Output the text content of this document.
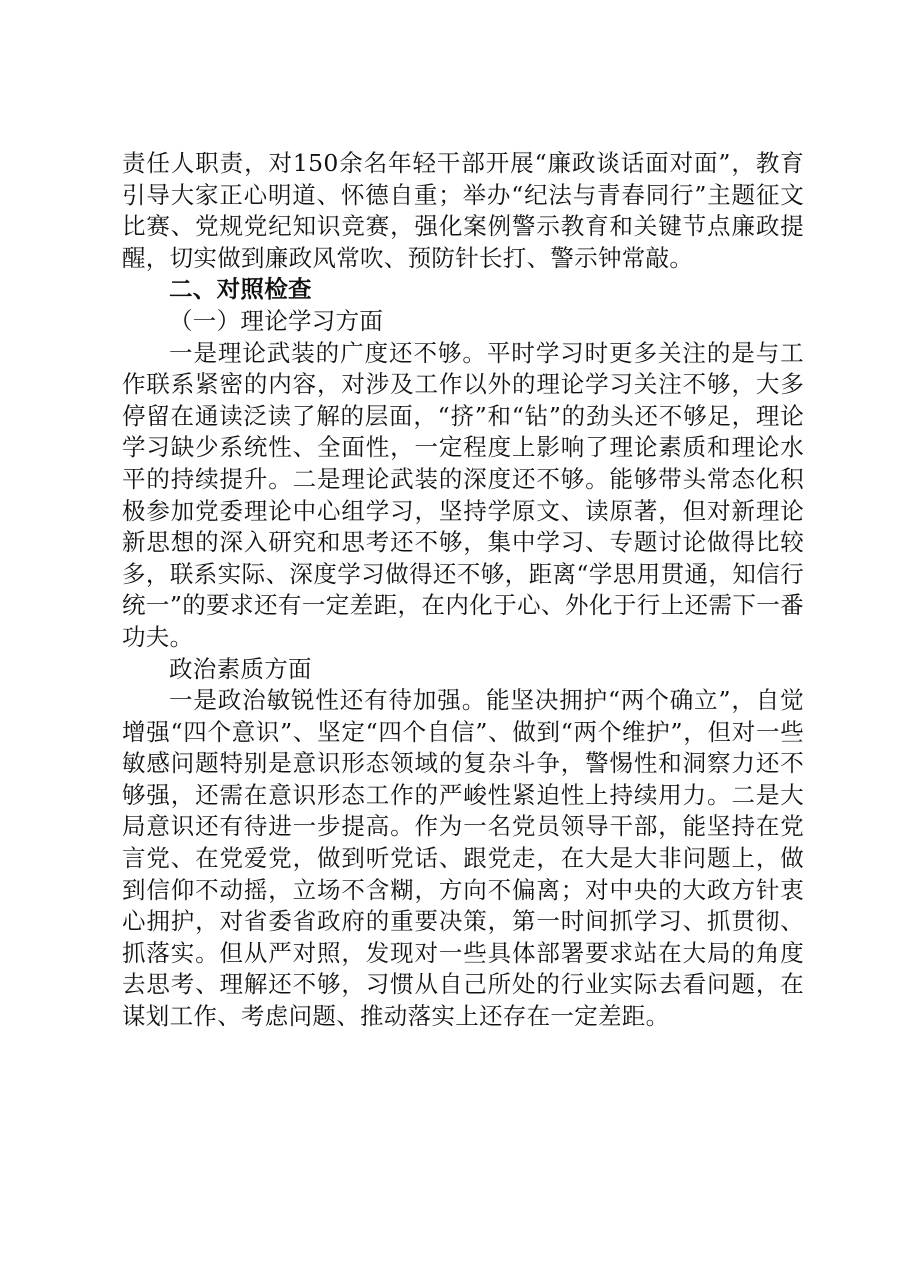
责任人职责，对150余名年轻干部开展“廉政谈话面对面”，教育引导大家正心明道、怀德自重；举办“纪法与青春同行”主题征文比赛、党规党纪知识竞赛，强化案例警示教育和关键节点廉政提醒，切实做到廉政风常吹、预防针长打、警示钟常敲。

二、对照检查

（一）理论学习方面

一是理论武装的广度还不够。平时学习时更多关注的是与工作联系紧密的内容，对涉及工作以外的理论学习关注不够，大多停留在通读泛读了解的层面，“挤”和“钻”的劲头还不够足，理论学习缺少系统性、全面性，一定程度上影响了理论素质和理论水平的持续提升。二是理论武装的深度还不够。能够带头常态化积极参加党委理论中心组学习，坚持学原文、读原著，但对新理论新思想的深入研究和思考还不够，集中学习、专题讨论做得比较多，联系实际、深度学习做得还不够，距离“学思用贯通，知信行统一”的要求还有一定差距，在内化于心、外化于行上还需下一番功夫。

政治素质方面

一是政治敏锐性还有待加强。能坚决拥护“两个确立”，自觉增强“四个意识”、坚定“四个自信”、做到“两个维护”，但对一些敏感问题特别是意识形态领域的复杂斗争，警惕性和洞察力还不够强，还需在意识形态工作的严峻性紧迫性上持续用力。二是大局意识还有待进一步提高。作为一名党员领导干部，能坚持在党言党、在党爱党，做到听党话、跟党走，在大是大非问题上，做到信仰不动摇，立场不含糊，方向不偏离；对中央的大政方针衷心拥护，对省委省政府的重要决策，第一时间抓学习、抓贯彻、抓落实。但从严对照，发现对一些具体部署要求站在大局的角度去思考、理解还不够，习惯从自己所处的行业实际去看问题，在谋划工作、考虑问题、推动落实上还存在一定差距。
